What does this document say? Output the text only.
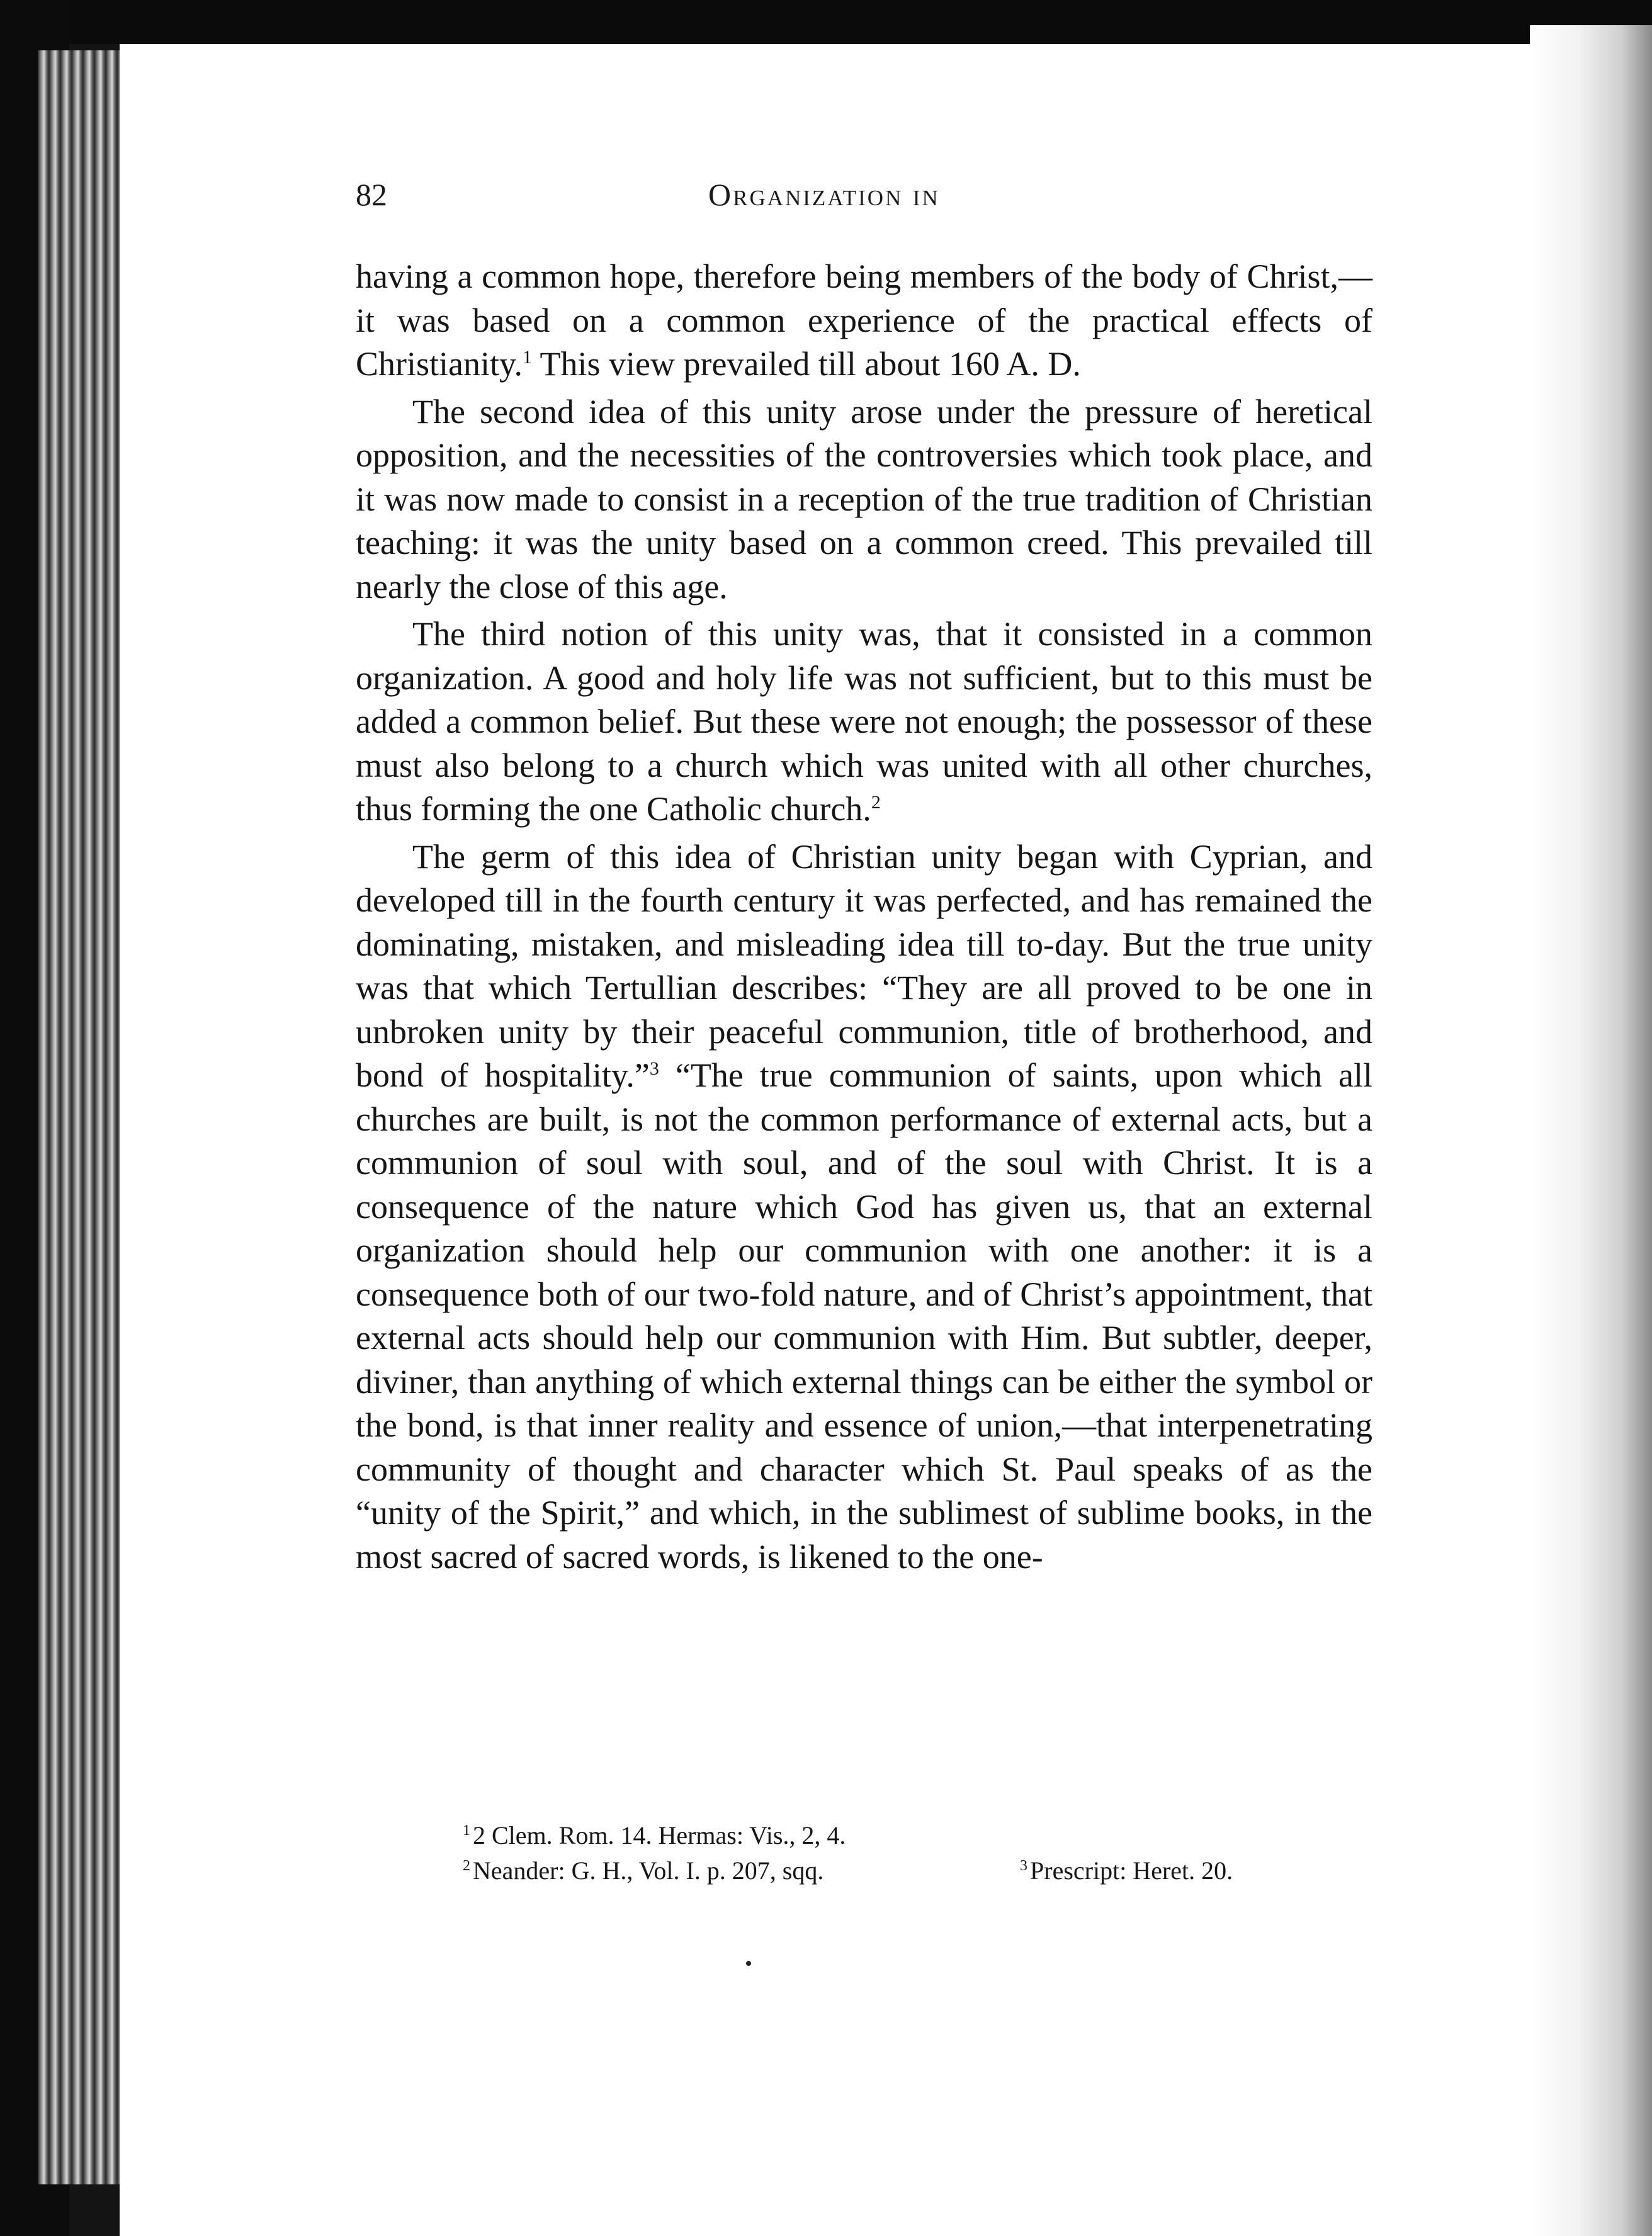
82	Organization in

having a common hope, therefore being members of the body of Christ,—it was based on a common experience of the practical effects of Christianity.$^1$ This view prevailed till about 160 A. D.

The second idea of this unity arose under the pressure of heretical opposition, and the necessities of the controversies which took place, and it was now made to consist in a reception of the true tradition of Christian teaching: it was the unity based on a common creed. This prevailed till nearly the close of this age.

The third notion of this unity was, that it consisted in a common organization. A good and holy life was not sufficient, but to this must be added a common belief. But these were not enough; the possessor of these must also belong to a church which was united with all other churches, thus forming the one Catholic church.$^2$

The germ of this idea of Christian unity began with Cyprian, and developed till in the fourth century it was perfected, and has remained the dominating, mistaken, and misleading idea till to-day. But the true unity was that which Tertullian describes: “They are all proved to be one in unbroken unity by their peaceful communion, title of brotherhood, and bond of hospitality.”$^3$ “The true communion of saints, upon which all churches are built, is not the common performance of external acts, but a communion of soul with soul, and of the soul with Christ. It is a consequence of the nature which God has given us, that an external organization should help our communion with one another: it is a consequence both of our two-fold nature, and of Christ’s appointment, that external acts should help our communion with Him. But subtler, deeper, diviner, than anything of which external things can be either the symbol or the bond, is that inner reality and essence of union,—that interpenetrating community of thought and character which St. Paul speaks of as the “unity of the Spirit,” and which, in the sublimest of sublime books, in the most sacred of sacred words, is likened to the one-

$^1$ 2 Clem. Rom. 14. Hermas: Vis., 2, 4.
$^2$ Neander: G. H., Vol. I. p. 207, sqq.	$^3$ Prescript: Heret. 20.
